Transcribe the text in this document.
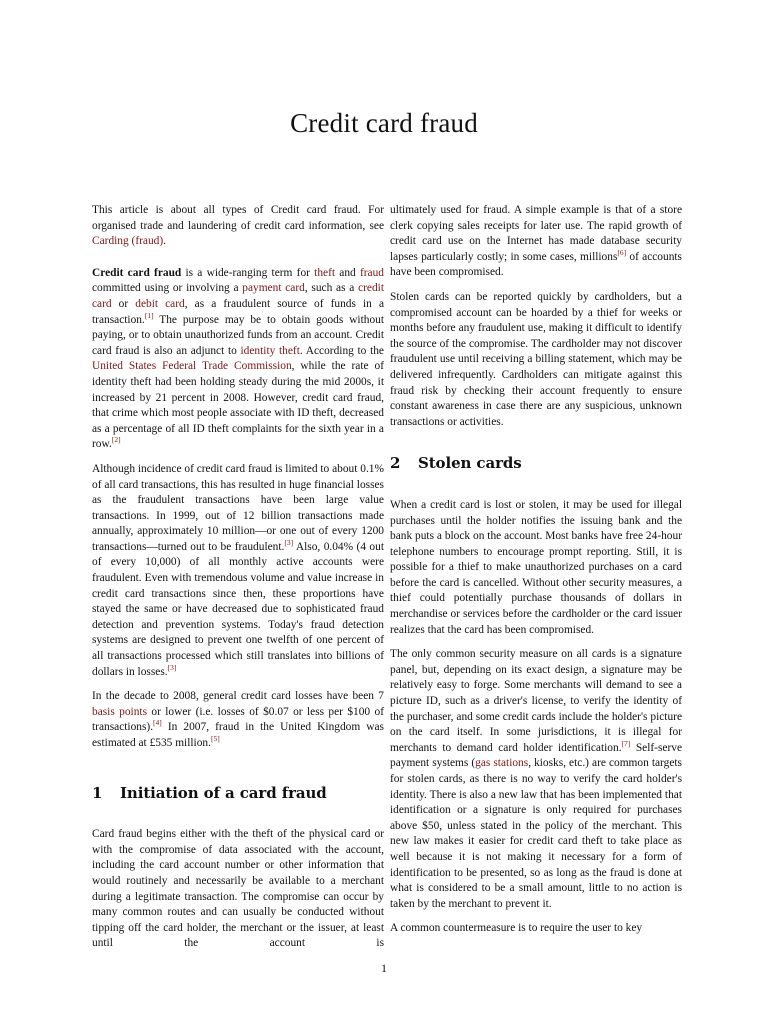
Credit card fraud

This article is about all types of Credit card fraud. For organised trade and laundering of credit card information, see Carding (fraud).

Credit card fraud is a wide-ranging term for theft and fraud committed using or involving a payment card, such as a credit card or debit card, as a fraudulent source of funds in a transaction.[1] The purpose may be to obtain goods without paying, or to obtain unauthorized funds from an account. Credit card fraud is also an adjunct to identity theft. According to the United States Federal Trade Commission, while the rate of identity theft had been holding steady during the mid 2000s, it increased by 21 percent in 2008. However, credit card fraud, that crime which most people associate with ID theft, decreased as a percentage of all ID theft complaints for the sixth year in a row.[2]

Although incidence of credit card fraud is limited to about 0.1% of all card transactions, this has resulted in huge financial losses as the fraudulent transactions have been large value transactions. In 1999, out of 12 billion transactions made annually, approximately 10 million—or one out of every 1200 transactions—turned out to be fraudulent.[3] Also, 0.04% (4 out of every 10,000) of all monthly active accounts were fraudulent. Even with tremendous volume and value increase in credit card transactions since then, these proportions have stayed the same or have decreased due to sophisticated fraud detection and prevention systems. Today's fraud detection systems are designed to prevent one twelfth of one percent of all transactions processed which still translates into billions of dollars in losses.[3]

In the decade to 2008, general credit card losses have been 7 basis points or lower (i.e. losses of $0.07 or less per $100 of transactions).[4] In 2007, fraud in the United Kingdom was estimated at £535 million.[5]

1 Initiation of a card fraud

Card fraud begins either with the theft of the physical card or with the compromise of data associated with the account, including the card account number or other information that would routinely and necessarily be available to a merchant during a legitimate transaction. The compromise can occur by many common routes and can usually be conducted without tipping off the card holder, the merchant or the issuer, at least until the account is

ultimately used for fraud. A simple example is that of a store clerk copying sales receipts for later use. The rapid growth of credit card use on the Internet has made database security lapses particularly costly; in some cases, millions[6] of accounts have been compromised.

Stolen cards can be reported quickly by cardholders, but a compromised account can be hoarded by a thief for weeks or months before any fraudulent use, making it difficult to identify the source of the compromise. The cardholder may not discover fraudulent use until receiving a billing statement, which may be delivered infrequently. Cardholders can mitigate against this fraud risk by checking their account frequently to ensure constant awareness in case there are any suspicious, unknown transactions or activities.

2 Stolen cards

When a credit card is lost or stolen, it may be used for illegal purchases until the holder notifies the issuing bank and the bank puts a block on the account. Most banks have free 24-hour telephone numbers to encourage prompt reporting. Still, it is possible for a thief to make unauthorized purchases on a card before the card is cancelled. Without other security measures, a thief could potentially purchase thousands of dollars in merchandise or services before the cardholder or the card issuer realizes that the card has been compromised.

The only common security measure on all cards is a signature panel, but, depending on its exact design, a signature may be relatively easy to forge. Some merchants will demand to see a picture ID, such as a driver's license, to verify the identity of the purchaser, and some credit cards include the holder's picture on the card itself. In some jurisdictions, it is illegal for merchants to demand card holder identification.[7] Self-serve payment systems (gas stations, kiosks, etc.) are common targets for stolen cards, as there is no way to verify the card holder's identity. There is also a new law that has been implemented that identification or a signature is only required for purchases above $50, unless stated in the policy of the merchant. This new law makes it easier for credit card theft to take place as well because it is not making it necessary for a form of identification to be presented, so as long as the fraud is done at what is considered to be a small amount, little to no action is taken by the merchant to prevent it.

A common countermeasure is to require the user to key

1
